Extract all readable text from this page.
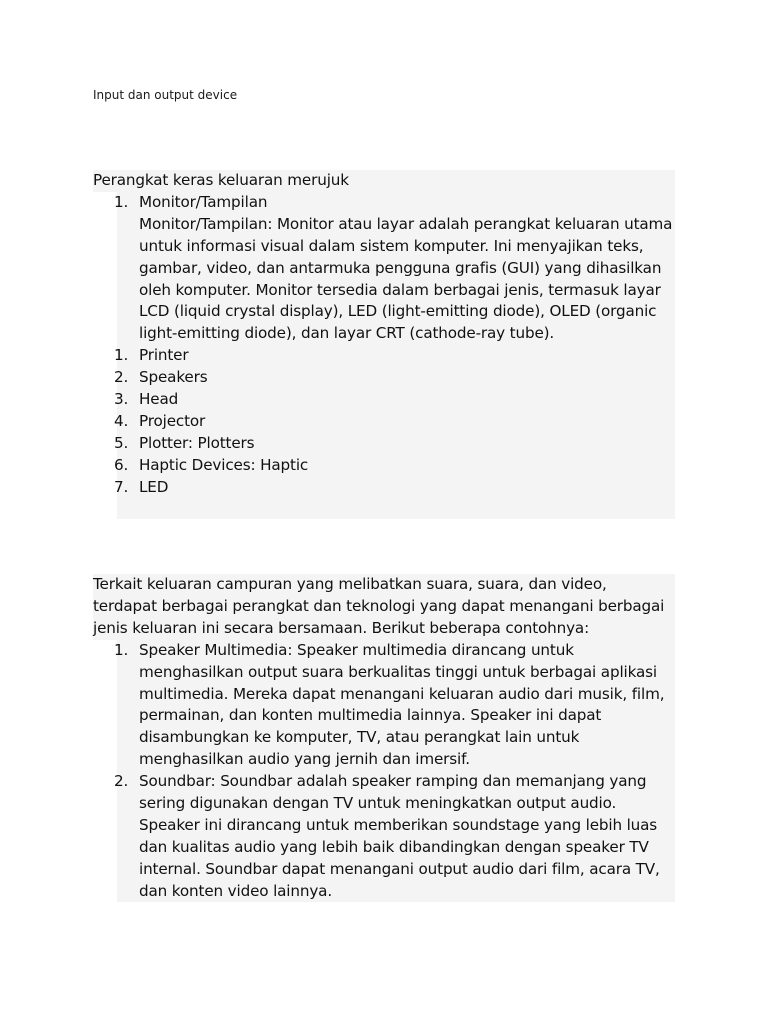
Input dan output device

Perangkat keras keluaran merujuk

1. Monitor/Tampilan
Monitor/Tampilan: Monitor atau layar adalah perangkat keluaran utama untuk informasi visual dalam sistem komputer. Ini menyajikan teks, gambar, video, dan antarmuka pengguna grafis (GUI) yang dihasilkan oleh komputer. Monitor tersedia dalam berbagai jenis, termasuk layar LCD (liquid crystal display), LED (light-emitting diode), OLED (organic light-emitting diode), dan layar CRT (cathode-ray tube).
1. Printer
2. Speakers
3. Head
4. Projector
5. Plotter: Plotters
6. Haptic Devices: Haptic
7. LED

Terkait keluaran campuran yang melibatkan suara, suara, dan video, terdapat berbagai perangkat dan teknologi yang dapat menangani berbagai jenis keluaran ini secara bersamaan. Berikut beberapa contohnya:

1. Speaker Multimedia: Speaker multimedia dirancang untuk menghasilkan output suara berkualitas tinggi untuk berbagai aplikasi multimedia. Mereka dapat menangani keluaran audio dari musik, film, permainan, dan konten multimedia lainnya. Speaker ini dapat disambungkan ke komputer, TV, atau perangkat lain untuk menghasilkan audio yang jernih dan imersif.
2. Soundbar: Soundbar adalah speaker ramping dan memanjang yang sering digunakan dengan TV untuk meningkatkan output audio. Speaker ini dirancang untuk memberikan soundstage yang lebih luas dan kualitas audio yang lebih baik dibandingkan dengan speaker TV internal. Soundbar dapat menangani output audio dari film, acara TV, dan konten video lainnya.
